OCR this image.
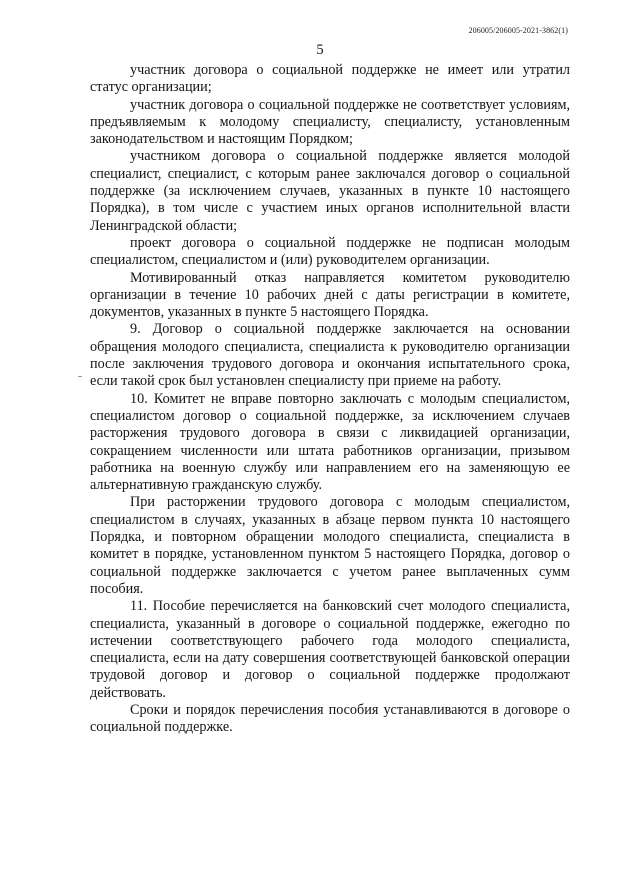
206005/206005-2021-3862(1)
5

участник договора о социальной поддержке не имеет или утратил статус организации;

участник договора о социальной поддержке не соответствует условиям, предъявляемым к молодому специалисту, специалисту, установленным законодательством и настоящим Порядком;

участником договора о социальной поддержке является молодой специалист, специалист, с которым ранее заключался договор о социальной поддержке (за исключением случаев, указанных в пункте 10 настоящего Порядка), в том числе с участием иных органов исполнительной власти Ленинградской области;

проект договора о социальной поддержке не подписан молодым специалистом, специалистом и (или) руководителем организации.

Мотивированный отказ направляется комитетом руководителю организации в течение 10 рабочих дней с даты регистрации в комитете, документов, указанных в пункте 5 настоящего Порядка.

9. Договор о социальной поддержке заключается на основании обращения молодого специалиста, специалиста к руководителю организации после заключения трудового договора и окончания испытательного срока, если такой срок был установлен специалисту при приеме на работу.

10. Комитет не вправе повторно заключать с молодым специалистом, специалистом договор о социальной поддержке, за исключением случаев расторжения трудового договора в связи с ликвидацией организации, сокращением численности или штата работников организации, призывом работника на военную службу или направлением его на заменяющую ее альтернативную гражданскую службу.

При расторжении трудового договора с молодым специалистом, специалистом в случаях, указанных в абзаце первом пункта 10 настоящего Порядка, и повторном обращении молодого специалиста, специалиста в комитет в порядке, установленном пунктом 5 настоящего Порядка, договор о социальной поддержке заключается с учетом ранее выплаченных сумм пособия.

11. Пособие перечисляется на банковский счет молодого специалиста, специалиста, указанный в договоре о социальной поддержке, ежегодно по истечении соответствующего рабочего года молодого специалиста, специалиста, если на дату совершения соответствующей банковской операции трудовой договор и договор о социальной поддержке продолжают действовать.

Сроки и порядок перечисления пособия устанавливаются в договоре о социальной поддержке.
